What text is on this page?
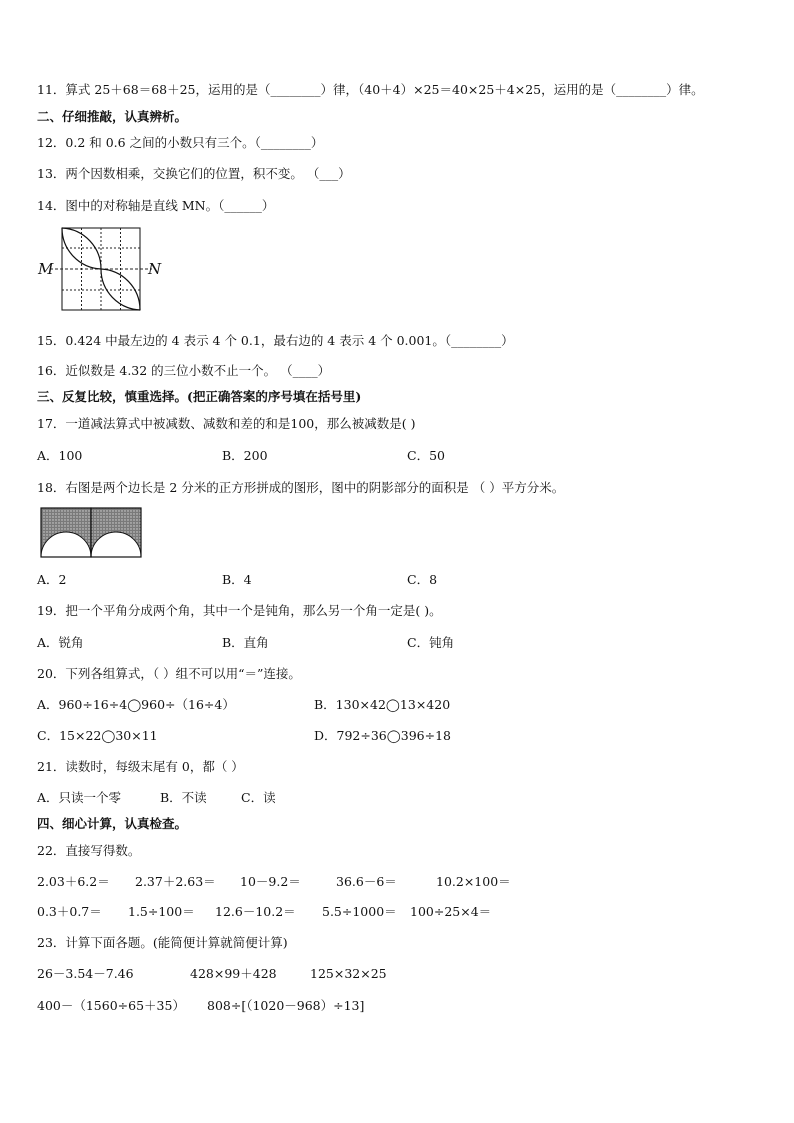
11．算式 25＋68＝68＋25，运用的是（________）律，（40＋4）×25＝40×25＋4×25，运用的是（________）律。
二、仔细推敲，认真辨析。
12．0.2 和 0.6 之间的小数只有三个。（________）
13．两个因数相乘，交换它们的位置，积不变。 （___）
14．图中的对称轴是直线 MN。（______）
M	N
15．0.424 中最左边的 4 表示 4 个 0.1，最右边的 4 表示 4 个 0.001。（________）
16．近似数是 4.32 的三位小数不止一个。 （____）
三、反复比较，慎重选择。(把正确答案的序号填在括号里)
17．一道减法算式中被减数、减数和差的和是100，那么被减数是( )
A．100	B．200	C．50
18．右图是两个边长是 2 分米的正方形拼成的图形，图中的阴影部分的面积是 （ ）平方分米。
A．2	B．4	C．8
19．把一个平角分成两个角，其中一个是钝角，那么另一个角一定是( )。
A．锐角	B．直角	C．钝角
20．下列各组算式，（ ）组不可以用“＝”连接。
A．960÷16÷4◯960÷（16÷4）	B．130×42◯13×420
C．15×22◯30×11	D．792÷36◯396÷18
21．读数时，每级末尾有 0，都（ ）
A．只读一个零	B．不读	C．读
四、细心计算，认真检查。
22．直接写得数。
2.03＋6.2＝ 2.37＋2.63＝ 10－9.2＝	36.6－6＝	10.2×100＝
0.3＋0.7＝ 1.5÷100＝ 12.6－10.2＝ 5.5÷1000＝ 100÷25×4＝
23．计算下面各题。(能简便计算就简便计算)
26－3.54－7.46	428×99＋428	125×32×25
400－（1560÷65＋35） 808÷[（1020－968）÷13]
